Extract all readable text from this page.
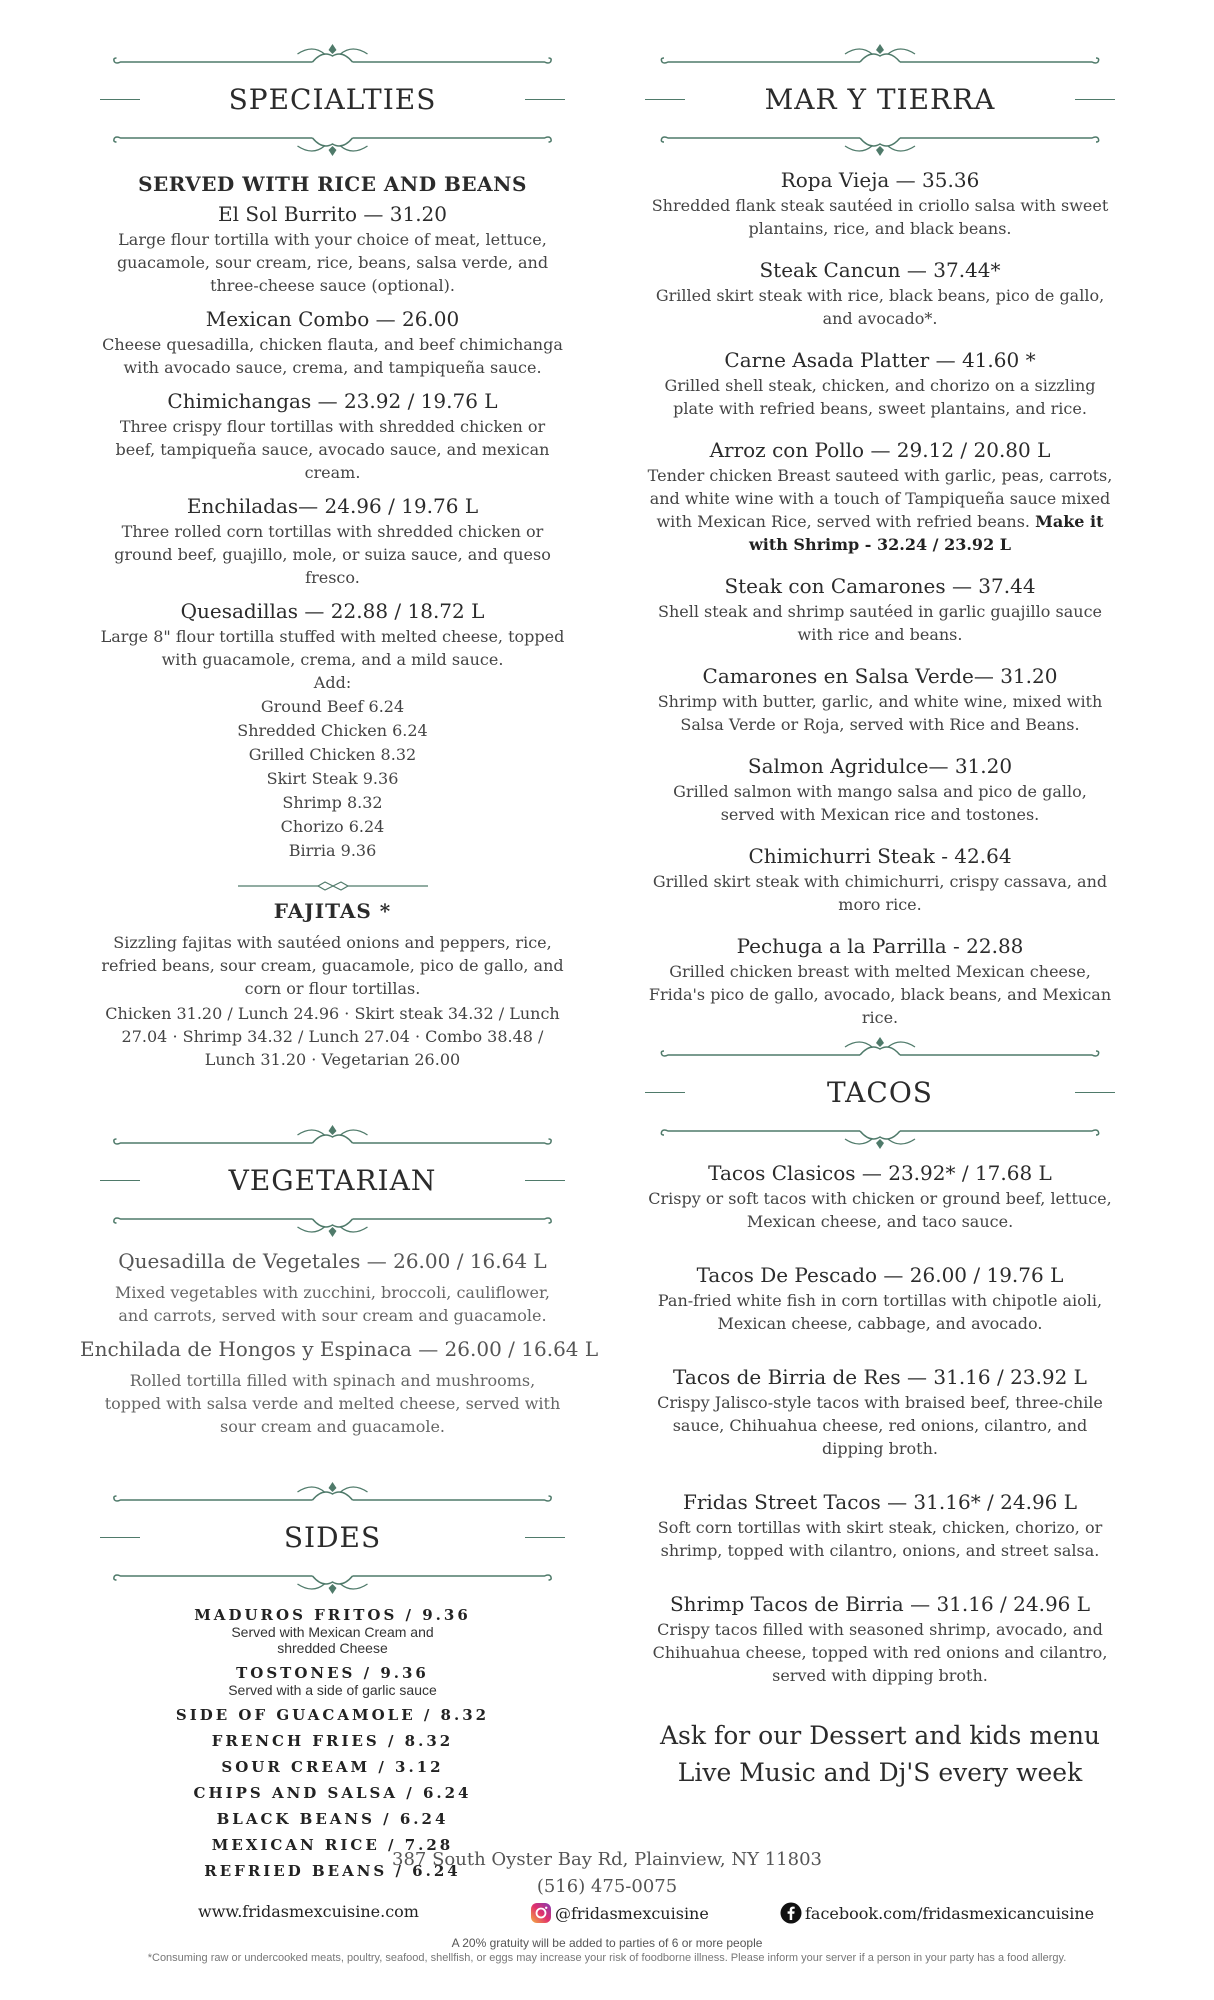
SPECIALTIES
SERVED WITH RICE AND BEANS
El Sol Burrito — 31.20

Large flour tortilla with your choice of meat, lettuce, guacamole, sour cream, rice, beans, salsa verde, and three-cheese sauce (optional).

Mexican Combo — 26.00

Cheese quesadilla, chicken flauta, and beef chimichanga with avocado sauce, crema, and tampiqueña sauce.

Chimichangas — 23.92 / 19.76 L

Three crispy flour tortillas with shredded chicken or beef, tampiqueña sauce, avocado sauce, and mexican cream.

Enchiladas— 24.96 / 19.76 L

Three rolled corn tortillas with shredded chicken or ground beef, guajillo, mole, or suiza sauce, and queso fresco.

Quesadillas — 22.88 / 18.72 L

Large 8" flour tortilla stuffed with melted cheese, topped with guacamole, crema, and a mild sauce.

Add:
Ground Beef 6.24
Shredded Chicken 6.24
Grilled Chicken 8.32
Skirt Steak 9.36
Shrimp 8.32
Chorizo 6.24
Birria 9.36
FAJITAS *

Sizzling fajitas with sautéed onions and peppers, rice, refried beans, sour cream, guacamole, pico de gallo, and corn or flour tortillas.

Chicken 31.20 / Lunch 24.96 · Skirt steak 34.32 / Lunch 27.04 · Shrimp 34.32 / Lunch 27.04 · Combo 38.48 / Lunch 31.20 · Vegetarian 26.00

VEGETARIAN
Quesadilla de Vegetales — 26.00 / 16.64 L

Mixed vegetables with zucchini, broccoli, cauliflower, and carrots, served with sour cream and guacamole.

Enchilada de Hongos y Espinaca — 26.00 / 16.64 L

Rolled tortilla filled with spinach and mushrooms, topped with salsa verde and melted cheese, served with sour cream and guacamole.

SIDES
MADUROS FRITOS / 9.36
Served with Mexican Cream and shredded Cheese
TOSTONES / 9.36
Served with a side of garlic sauce
SIDE OF GUACAMOLE / 8.32
FRENCH FRIES / 8.32
SOUR CREAM / 3.12
CHIPS AND SALSA / 6.24
BLACK BEANS / 6.24
MEXICAN RICE / 7.28
REFRIED BEANS / 6.24
MAR Y TIERRA
Ropa Vieja — 35.36

Shredded flank steak sautéed in criollo salsa with sweet plantains, rice, and black beans.

Steak Cancun — 37.44*

Grilled skirt steak with rice, black beans, pico de gallo, and avocado*.

Carne Asada Platter — 41.60 *

Grilled shell steak, chicken, and chorizo on a sizzling plate with refried beans, sweet plantains, and rice.

Arroz con Pollo — 29.12 / 20.80 L

Tender chicken Breast sauteed with garlic, peas, carrots, and white wine with a touch of Tampiqueña sauce mixed with Mexican Rice, served with refried beans. Make it with Shrimp - 32.24 / 23.92 L

Steak con Camarones — 37.44

Shell steak and shrimp sautéed in garlic guajillo sauce with rice and beans.

Camarones en Salsa Verde— 31.20

Shrimp with butter, garlic, and white wine, mixed with Salsa Verde or Roja, served with Rice and Beans.

Salmon Agridulce— 31.20

Grilled salmon with mango salsa and pico de gallo, served with Mexican rice and tostones.

Chimichurri Steak - 42.64

Grilled skirt steak with chimichurri, crispy cassava, and moro rice.

Pechuga a la Parrilla - 22.88

Grilled chicken breast with melted Mexican cheese, Frida's pico de gallo, avocado, black beans, and Mexican rice.

TACOS
Tacos Clasicos — 23.92* / 17.68 L

Crispy or soft tacos with chicken or ground beef, lettuce, Mexican cheese, and taco sauce.

Tacos De Pescado — 26.00 / 19.76 L

Pan-fried white fish in corn tortillas with chipotle aioli, Mexican cheese, cabbage, and avocado.

Tacos de Birria de Res — 31.16 / 23.92 L

Crispy Jalisco-style tacos with braised beef, three-chile sauce, Chihuahua cheese, red onions, cilantro, and dipping broth.

Fridas Street Tacos — 31.16* / 24.96 L

Soft corn tortillas with skirt steak, chicken, chorizo, or shrimp, topped with cilantro, onions, and street salsa.

Shrimp Tacos de Birria — 31.16 / 24.96 L

Crispy tacos filled with seasoned shrimp, avocado, and Chihuahua cheese, topped with red onions and cilantro, served with dipping broth.

Ask for our Dessert and kids menu
Live Music and Dj'S every week
387 South Oyster Bay Rd, Plainview, NY 11803
(516) 475-0075
www.fridasmexcuisine.com	@fridasmexcuisine	facebook.com/fridasmexicancuisine
A 20% gratuity will be added to parties of 6 or more people
*Consuming raw or undercooked meats, poultry, seafood, shellfish, or eggs may increase your risk of foodborne illness. Please inform your server if a person in your party has a food allergy.
